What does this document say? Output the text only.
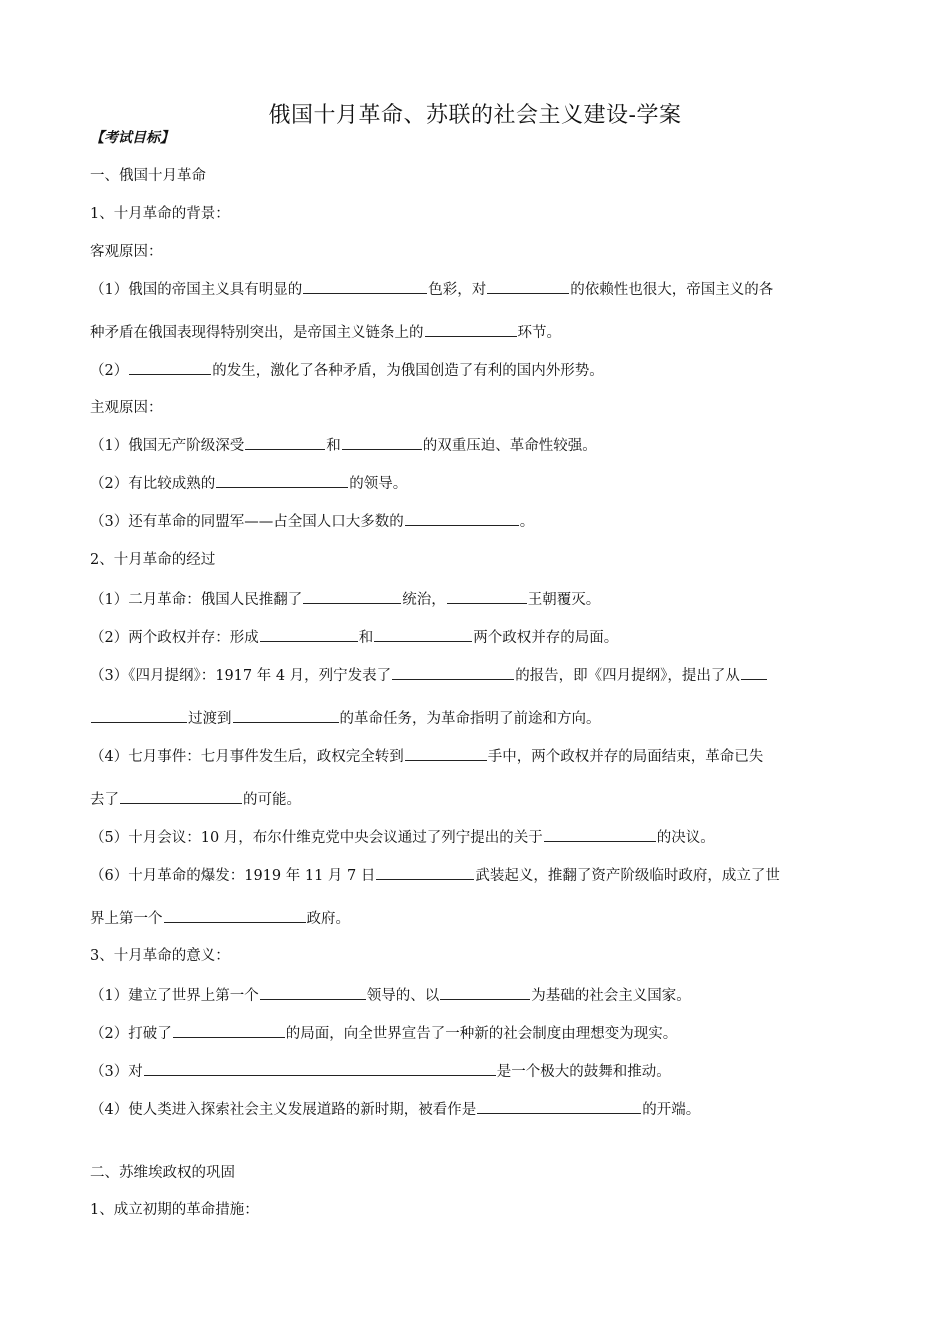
俄国十月革命、苏联的社会主义建设-学案
【考试目标】
一、俄国十月革命
1、十月革命的背景：
客观原因：
（1）俄国的帝国主义具有明显的	色彩，对	的依赖性也很大，帝国主义的各
种矛盾在俄国表现得特别突出，是帝国主义链条上的	环节。
（2）	的发生，激化了各种矛盾，为俄国创造了有利的国内外形势。
主观原因：
（1）俄国无产阶级深受	和	的双重压迫、革命性较强。
（2）有比较成熟的	的领导。
（3）还有革命的同盟军——占全国人口大多数的	。
2、十月革命的经过
（1）二月革命：俄国人民推翻了	统治，	王朝覆灭。
（2）两个政权并存：形成	和	两个政权并存的局面。
（3）《四月提纲》：1917 年 4 月，列宁发表了	的报告，即《四月提纲》，提出了从
过渡到	的革命任务，为革命指明了前途和方向。
（4）七月事件：七月事件发生后，政权完全转到	手中，两个政权并存的局面结束，革命已失
去了	的可能。
（5）十月会议：10 月，布尔什维克党中央会议通过了列宁提出的关于	的决议。
（6）十月革命的爆发：1919 年 11 月 7 日	武装起义，推翻了资产阶级临时政府，成立了世
界上第一个	政府。
3、十月革命的意义：
（1）建立了世界上第一个	领导的、以	为基础的社会主义国家。
（2）打破了	的局面，向全世界宣告了一种新的社会制度由理想变为现实。
（3）对	是一个极大的鼓舞和推动。
（4）使人类进入探索社会主义发展道路的新时期，被看作是	的开端。
二、苏维埃政权的巩固
1、成立初期的革命措施：
